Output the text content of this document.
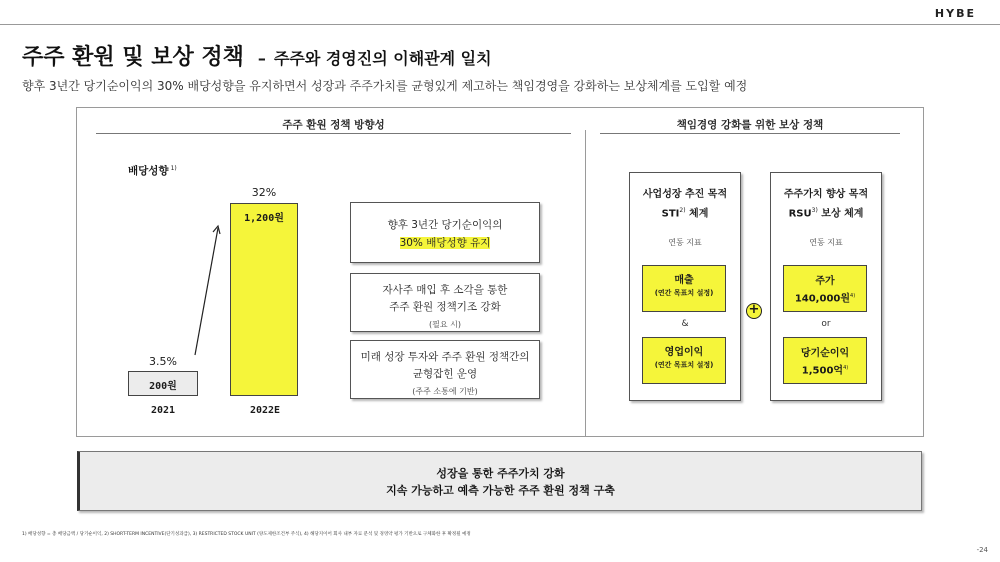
HYBE
주주 환원 및 보상 정책 – 주주와 경영진의 이해관계 일치
향후 3년간 당기순이익의 30% 배당성향을 유지하면서 성장과 주주가치를 균형있게 제고하는 책임경영을 강화하는 보상체계를 도입할 예정
주주 환원 정책 방향성	책임경영 강화를 위한 보상 정책
배당성향 $^{1)}$
3.5%
32%
200원
1,200원
2021	2022E
향후 3년간 당기순이익의
30% 배당성향 유지
자사주 매입 후 소각을 통한
주주 환원 정책기조 강화
(필요 시)
미래 성장 투자와 주주 환원 정책간의
균형잡힌 운영
(주주 소통에 기반)
사업성장 추진 목적
STI$^{2)}$ 체계
연동 지표
매출
(연간 목표치 설정)
&
영업이익
(연간 목표치 설정)
+
주주가치 향상 목적
RSU$^{3)}$ 보상 체계
연동 지표
주가
140,000원$^{4)}$
or
당기순이익
1,500억$^{4)}$
성장을 통한 주주가치 강화
지속 가능하고 예측 가능한 주주 환원 정책 구축
1) 배당성향 = 총 배당금액 / 당기순이익, 2) SHORT-TERM INCENTIVE(단기성과급), 3) RESTRICTED STOCK UNIT (양도제한조건부 주식), 4) 해당지이어 회사 내부 자료 분석 및 경영약 평가 기반으로 구체화한 후 확정될 예정
-24
